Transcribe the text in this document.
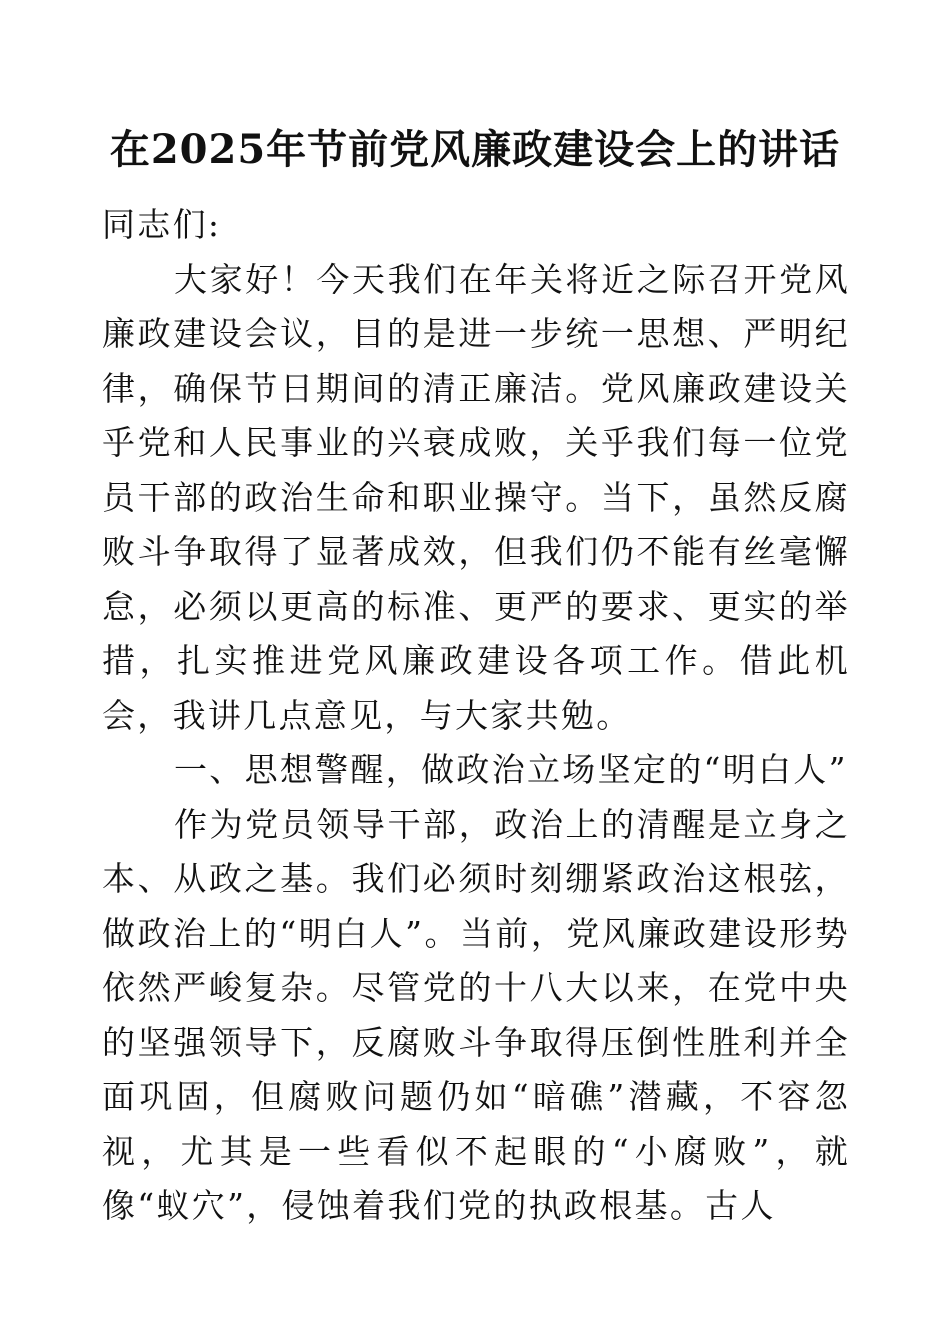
在2025年节前党风廉政建设会上的讲话

同志们:

大家好！今天我们在年关将近之际召开党风廉政建设会议，目的是进一步统一思想、严明纪律，确保节日期间的清正廉洁。党风廉政建设关乎党和人民事业的兴衰成败，关乎我们每一位党员干部的政治生命和职业操守。当下，虽然反腐败斗争取得了显著成效，但我们仍不能有丝毫懈怠，必须以更高的标准、更严的要求、更实的举措，扎实推进党风廉政建设各项工作。借此机会，我讲几点意见，与大家共勉。

一、思想警醒，做政治立场坚定的“明白人”

作为党员领导干部，政治上的清醒是立身之本、从政之基。我们必须时刻绷紧政治这根弦，做政治上的“明白人”。当前，党风廉政建设形势依然严峻复杂。尽管党的十八大以来，在党中央的坚强领导下，反腐败斗争取得压倒性胜利并全面巩固，但腐败问题仍如“暗礁”潜藏，不容忽视，尤其是一些看似不起眼的“小腐败”，就像“蚁穴”，侵蚀着我们党的执政根基。古人
